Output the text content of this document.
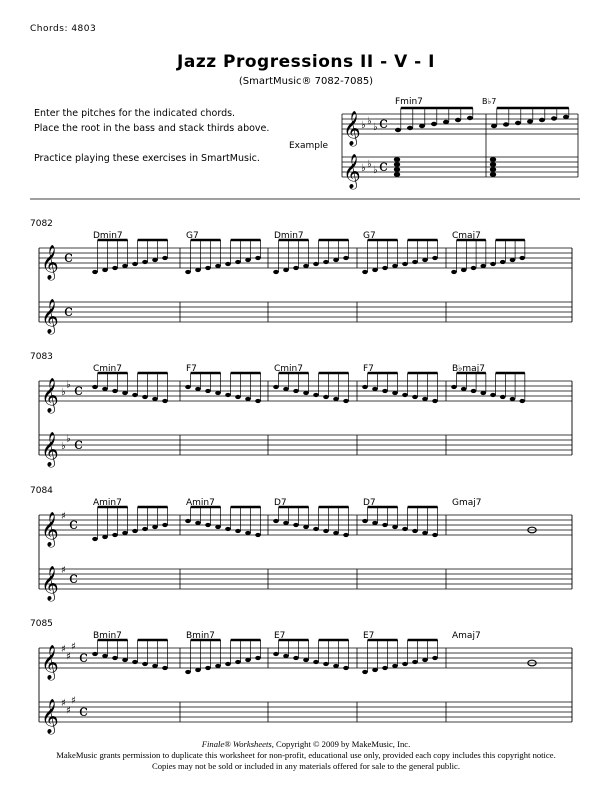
Chords: 4803
Jazz Progressions II - V - I
(SmartMusic® 7082-7085)
Enter the pitches for the indicated chords.
Place the root in the bass and stack thirds above.
Practice playing these exercises in SmartMusic.
Example 𝄞
𝄞
♭ ♭
♭ c
♭ ♭
♭ c
Fmin7	B♭7
7082
𝄞
𝄞
c
c
Dmin7	G7	Dmin7	G7	Cmaj7
7083
𝄞
𝄞
♭
♭
♭
♭
c
c
Cmin7	F7	Cmin7	F7	B♭maj7
7084
𝄞
𝄞
♯
♯
c
c
Amin7	Amin7	D7	D7	Gmaj7
7085
𝄞
𝄞
♯
♯
♯
♯
♯
♯
c
c
Bmin7	Bmin7	E7	E7	Amaj7
Finale® Worksheets, Copyright © 2009 by MakeMusic, Inc.
MakeMusic grants permission to duplicate this worksheet for non-profit, educational use only, provided each copy includes this copyright notice.
Copies may not be sold or included in any materials offered for sale to the general public.
